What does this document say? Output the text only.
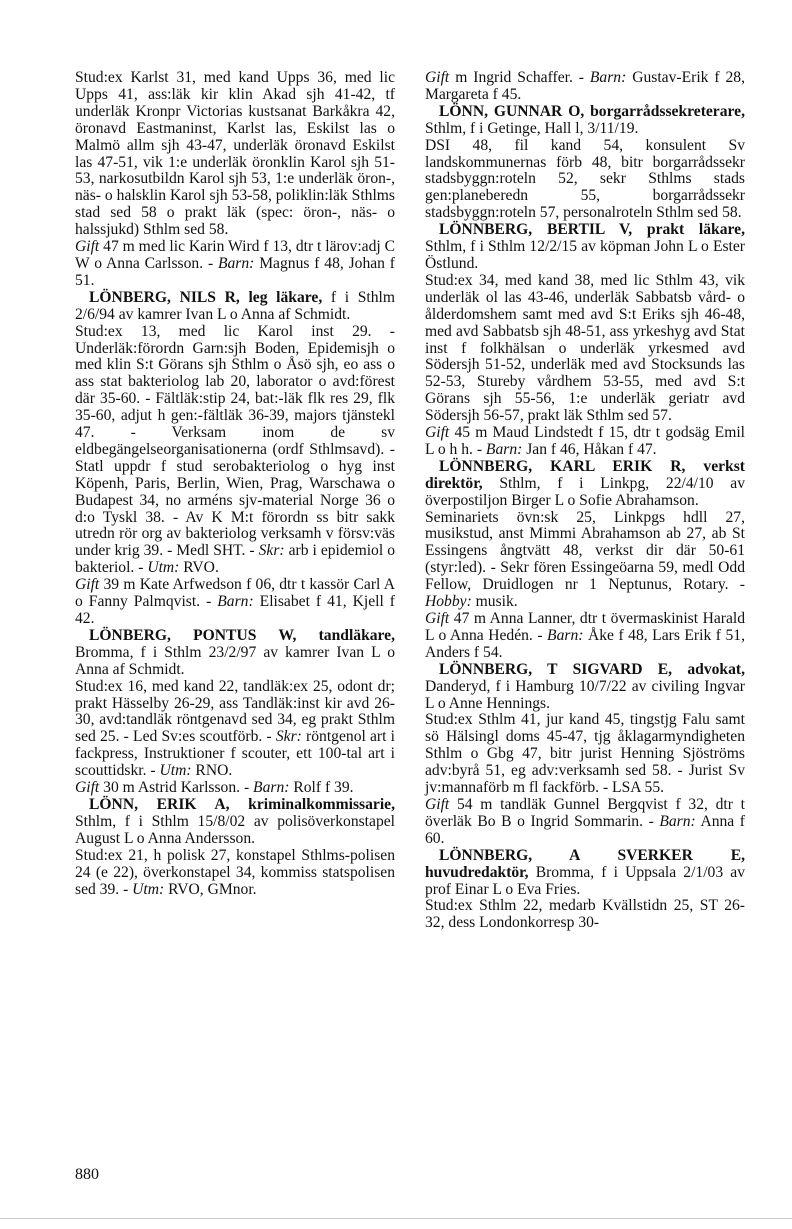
Stud:ex Karlst 31, med kand Upps 36, med lic Upps 41, ass:läk kir klin Akad sjh 41-42, tf underläk Kronpr Victorias kustsanat Barkåkra 42, öronavd Eastmaninst, Karlst las, Eskilst las o Malmö allm sjh 43-47, underläk öronavd Eskilst las 47-51, vik 1:e underläk öronklin Karol sjh 51-53, narkosutbildn Karol sjh 53, 1:e underläk öron-, näs- o halsklin Karol sjh 53-58, poliklin:läk Sthlms stad sed 58 o prakt läk (spec: öron-, näs- o halssjukd) Sthlm sed 58.

Gift 47 m med lic Karin Wird f 13, dtr t lärov:adj C W o Anna Carlsson. - Barn: Magnus f 48, Johan f 51.

LÖNBERG, NILS R, leg läkare, f i Sthlm 2/6/94 av kamrer Ivan L o Anna af Schmidt.

Stud:ex 13, med lic Karol inst 29. - Underläk:förordn Garn:sjh Boden, Epidemisjh o med klin S:t Görans sjh Sthlm o Åsö sjh, eo ass o ass stat bakteriolog lab 20, laborator o avd:förest där 35-60. - Fältläk:stip 24, bat:-läk flk res 29, flk 35-60, adjut h gen:-fältläk 36-39, majors tjänstekl 47. - Verksam inom de sv eldbegängelseorganisationerna (ordf Sthlmsavd). - Statl uppdr f stud serobakteriolog o hyg inst Köpenh, Paris, Berlin, Wien, Prag, Warschawa o Budapest 34, no arméns sjv-material Norge 36 o d:o Tyskl 38. - Av K M:t förordn ss bitr sakk utredn rör org av bakteriolog verksamh v försv:väs under krig 39. - Medl SHT. - Skr: arb i epidemiol o bakteriol. - Utm: RVO.

Gift 39 m Kate Arfwedson f 06, dtr t kassör Carl A o Fanny Palmqvist. - Barn: Elisabet f 41, Kjell f 42.

LÖNBERG, PONTUS W, tandläkare, Bromma, f i Sthlm 23/2/97 av kamrer Ivan L o Anna af Schmidt.

Stud:ex 16, med kand 22, tandläk:ex 25, odont dr; prakt Hässelby 26-29, ass Tandläk:inst kir avd 26-30, avd:tandläk röntgenavd sed 34, eg prakt Sthlm sed 25. - Led Sv:es scoutförb. - Skr: röntgenol art i fackpress, Instruktioner f scouter, ett 100-tal art i scouttidskr. - Utm: RNO.

Gift 30 m Astrid Karlsson. - Barn: Rolf f 39.

LÖNN, ERIK A, kriminalkommissarie, Sthlm, f i Sthlm 15/8/02 av polisöverkonstapel August L o Anna Andersson.

Stud:ex 21, h polisk 27, konstapel Sthlms-polisen 24 (e 22), överkonstapel 34, kommiss statspolisen sed 39. - Utm: RVO, GMnor.

Gift m Ingrid Schaffer. - Barn: Gustav-Erik f 28, Margareta f 45.

LÖNN, GUNNAR O, borgarrådssekreterare, Sthlm, f i Getinge, Hall l, 3/11/19.

DSI 48, fil kand 54, konsulent Sv landskommunernas förb 48, bitr borgarrådssekr stadsbyggn:roteln 52, sekr Sthlms stads gen:planeberedn 55, borgarrådssekr stadsbyggn:roteln 57, personalroteln Sthlm sed 58.

LÖNNBERG, BERTIL V, prakt läkare, Sthlm, f i Sthlm 12/2/15 av köpman John L o Ester Östlund.

Stud:ex 34, med kand 38, med lic Sthlm 43, vik underläk ol las 43-46, underläk Sabbatsb vård- o ålderdomshem samt med avd S:t Eriks sjh 46-48, med avd Sabbatsb sjh 48-51, ass yrkeshyg avd Stat inst f folkhälsan o underläk yrkesmed avd Södersjh 51-52, underläk med avd Stocksunds las 52-53, Stureby vårdhem 53-55, med avd S:t Görans sjh 55-56, 1:e underläk geriatr avd Södersjh 56-57, prakt läk Sthlm sed 57.

Gift 45 m Maud Lindstedt f 15, dtr t godsäg Emil L o h h. - Barn: Jan f 46, Håkan f 47.

LÖNNBERG, KARL ERIK R, verkst direktör, Sthlm, f i Linkpg, 22/4/10 av överpostiljon Birger L o Sofie Abrahamson.

Seminariets övn:sk 25, Linkpgs hdll 27, musikstud, anst Mimmi Abrahamson ab 27, ab St Essingens ångtvätt 48, verkst dir där 50-61 (styr:led). - Sekr fören Essingeöarna 59, medl Odd Fellow, Druidlogen nr 1 Neptunus, Rotary. - Hobby: musik.

Gift 47 m Anna Lanner, dtr t övermaskinist Harald L o Anna Hedén. - Barn: Åke f 48, Lars Erik f 51, Anders f 54.

LÖNNBERG, T SIGVARD E, advokat, Danderyd, f i Hamburg 10/7/22 av civiling Ingvar L o Anne Hennings.

Stud:ex Sthlm 41, jur kand 45, tingstjg Falu samt sö Hälsingl doms 45-47, tjg åklagarmyndigheten Sthlm o Gbg 47, bitr jurist Henning Sjöströms adv:byrå 51, eg adv:verksamh sed 58. - Jurist Sv jv:mannaförb m fl fackförb. - LSA 55.

Gift 54 m tandläk Gunnel Bergqvist f 32, dtr t överläk Bo B o Ingrid Sommarin. - Barn: Anna f 60.

LÖNNBERG, A SVERKER E, huvudredaktör, Bromma, f i Uppsala 2/1/03 av prof Einar L o Eva Fries.

Stud:ex Sthlm 22, medarb Kvällstidn 25, ST 26-32, dess Londonkorresp 30-

880
